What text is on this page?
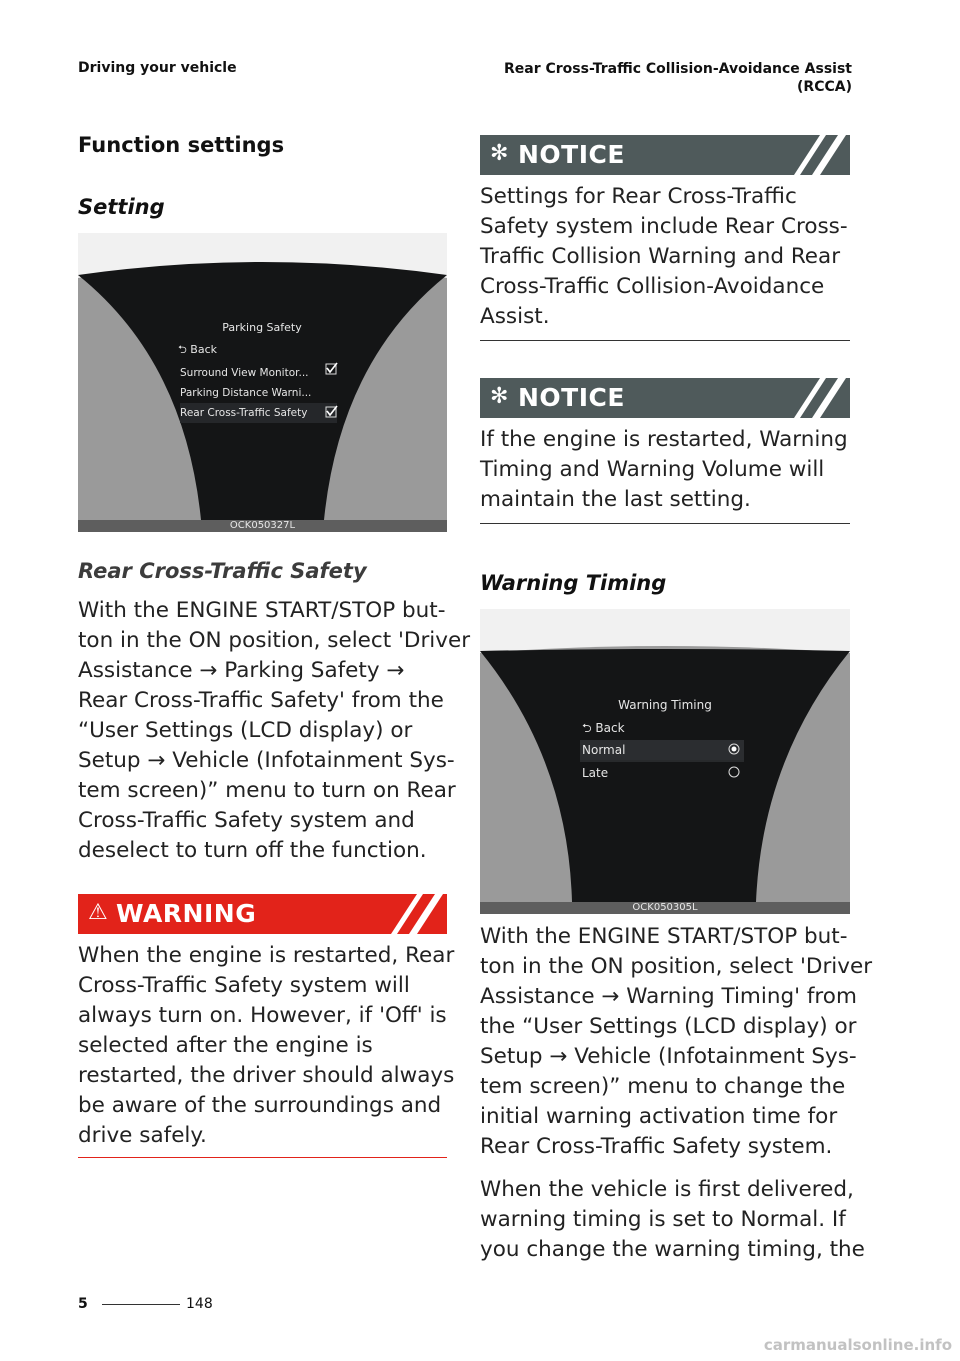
Driving your vehicle	Rear Cross-Traffic Collision-Avoidance Assist
(RCCA)
Function settings
Setting
Parking Safety
⮌ Back
Surround View Monitor...
Parking Distance Warni...
Rear Cross-Traffic Safety
OCK050327L
Rear Cross-Traffic Safety
With the ENGINE START/STOP but-
ton in the ON position, select 'Driver
Assistance → Parking Safety →
Rear Cross-Traffic Safety' from the
“User Settings (LCD display) or
Setup → Vehicle (Infotainment Sys-
tem screen)” menu to turn on Rear
Cross-Traffic Safety system and
deselect to turn off the function.
⚠ WARNING
When the engine is restarted, Rear
Cross-Traffic Safety system will
always turn on. However, if 'Off' is
selected after the engine is
restarted, the driver should always
be aware of the surroundings and
drive safely.
✻ NOTICE
Settings for Rear Cross-Traffic
Safety system include Rear Cross-
Traffic Collision Warning and Rear
Cross-Traffic Collision-Avoidance
Assist.
✻ NOTICE
If the engine is restarted, Warning
Timing and Warning Volume will
maintain the last setting.
Warning Timing
Warning Timing
⮌ Back
Normal
Late
OCK050305L
With the ENGINE START/STOP but-
ton in the ON position, select 'Driver
Assistance → Warning Timing' from
the “User Settings (LCD display) or
Setup → Vehicle (Infotainment Sys-
tem screen)” menu to change the
initial warning activation time for
Rear Cross-Traffic Safety system.
When the vehicle is first delivered,
warning timing is set to Normal. If
you change the warning timing, the
5	148
carmanualsonline.info
